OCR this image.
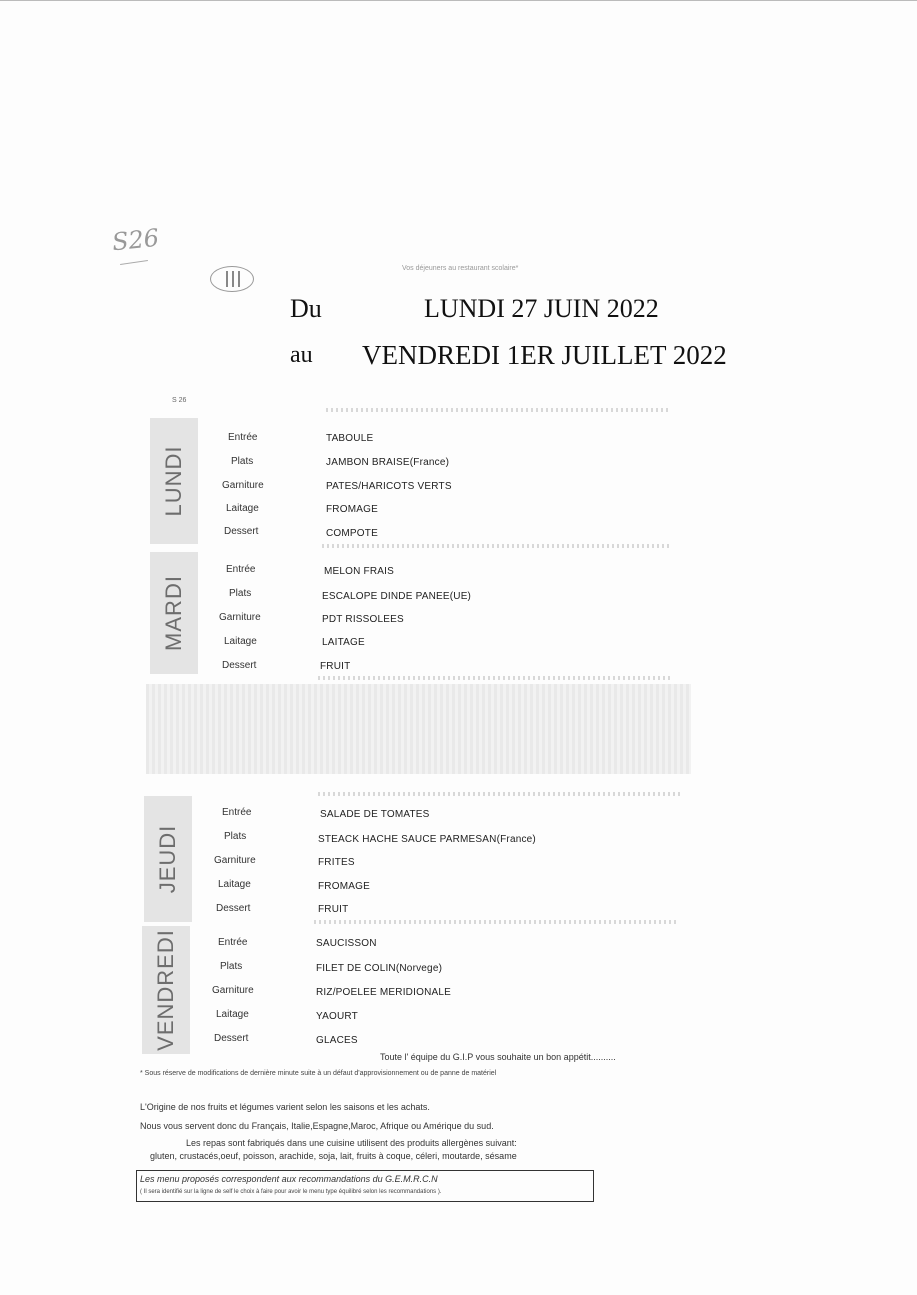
S26
Vos déjeuners au restaurant scolaire*
Du	LUNDI 27 JUIN 2022
au VENDREDI 1ER JUILLET 2022
S 26
LUNDI
Entrée	TABOULE
Plats	JAMBON BRAISE(France)
Garniture	PATES/HARICOTS VERTS
Laitage	FROMAGE
Dessert	COMPOTE
MARDI
Entrée	MELON FRAIS
Plats	ESCALOPE DINDE PANEE(UE)
Garniture	PDT RISSOLEES
Laitage	LAITAGE
Dessert	FRUIT
JEUDI
Entrée	SALADE DE TOMATES
Plats	STEACK HACHE SAUCE PARMESAN(France)
Garniture	FRITES
Laitage	FROMAGE
Dessert	FRUIT
VENDREDI	Entrée	SAUCISSON
Plats	FILET DE COLIN(Norvege)
Garniture	RIZ/POELEE MERIDIONALE
Laitage	YAOURT
Dessert	GLACES
Toute l' équipe du G.I.P vous souhaite un bon appétit..........
* Sous réserve de modifications de dernière minute suite à un défaut d'approvisionnement ou de panne de matériel
L'Origine de nos fruits et légumes varient selon les saisons et les achats.
Nous vous servent donc du Français, Italie,Espagne,Maroc, Afrique ou Amérique du sud.
Les repas sont fabriqués dans une cuisine utilisent des produits allergènes suivant:
gluten, crustacés,oeuf, poisson, arachide, soja, lait, fruits à coque, céleri, moutarde, sésame
Les menu proposés correspondent aux recommandations du G.E.M.R.C.N
( Il sera identifié sur la ligne de self le choix à faire pour avoir le menu type équilibré selon les recommandations ).
